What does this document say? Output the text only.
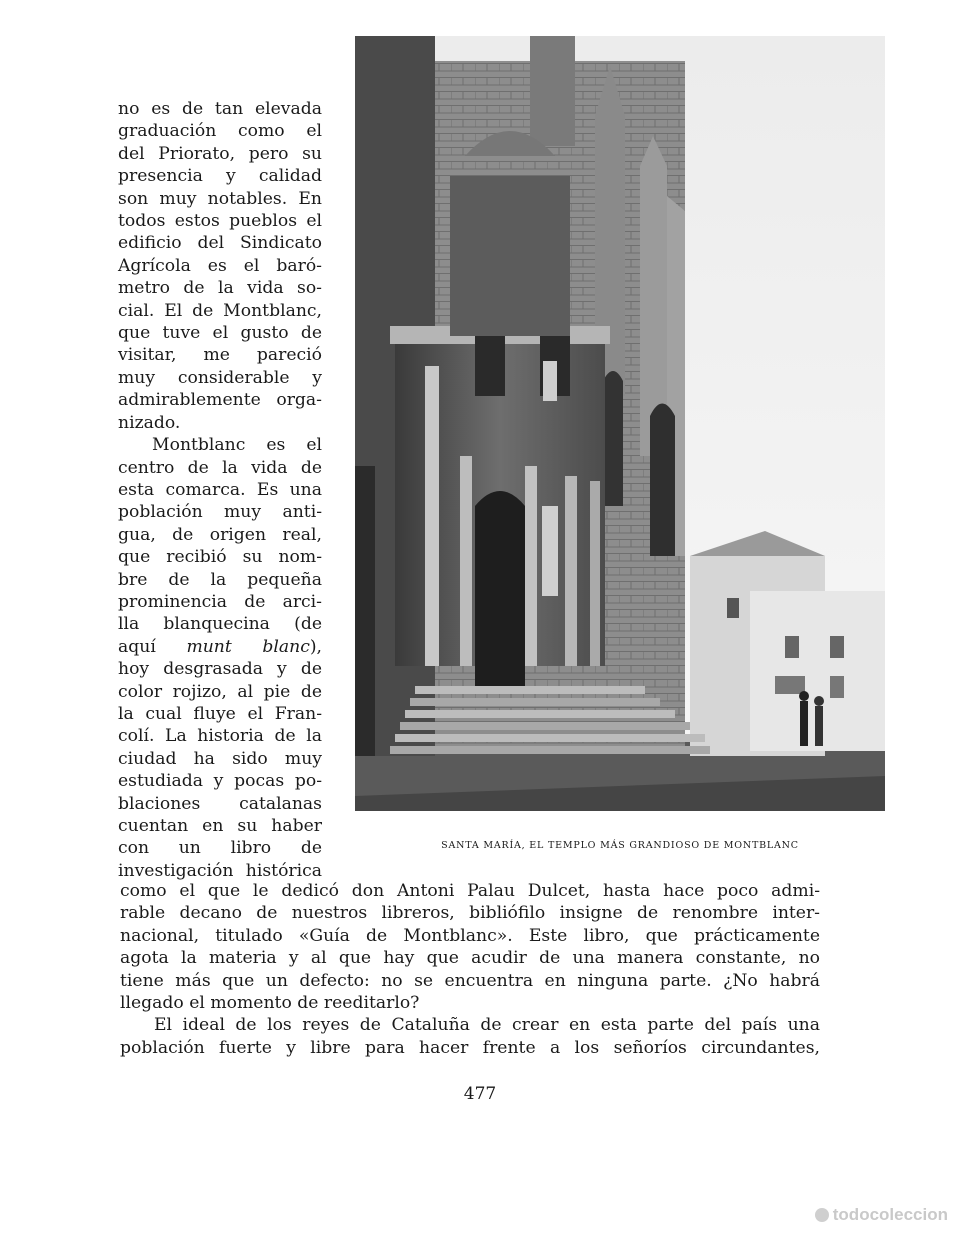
no es de tan elevada
graduación como el
del Priorato, pero su
presencia y calidad
son muy notables. En
todos estos pueblos el
edificio del Sindicato
Agrícola es el baró-
metro de la vida so-
cial. El de Montblanc,
que tuve el gusto de
visitar, me pareció
muy considerable y
admirablemente orga-
nizado.

Montblanc es el
centro de la vida de
esta comarca. Es una
población muy anti-
gua, de origen real,
que recibió su nom-
bre de la pequeña
prominencia de arci-
lla blanquecina (de
aquí munt blanc),
hoy desgrasada y de
color rojizo, al pie de
la cual fluye el Fran-
colí. La historia de la
ciudad ha sido muy
estudiada y pocas po-
blaciones catalanas
cuentan en su haber
con un libro de
investigación histórica

SANTA MARÍA, EL TEMPLO MÁS GRANDIOSO DE MONTBLANC

como el que le dedicó don Antoni Palau Dulcet, hasta hace poco admi-
rable decano de nuestros libreros, bibliófilo insigne de renombre inter-
nacional, titulado «Guía de Montblanc». Este libro, que prácticamente
agota la materia y al que hay que acudir de una manera constante, no
tiene más que un defecto: no se encuentra en ninguna parte. ¿No habrá
llegado el momento de reeditarlo?

El ideal de los reyes de Cataluña de crear en esta parte del país una
población fuerte y libre para hacer frente a los señoríos circundantes,

477
todocoleccion
